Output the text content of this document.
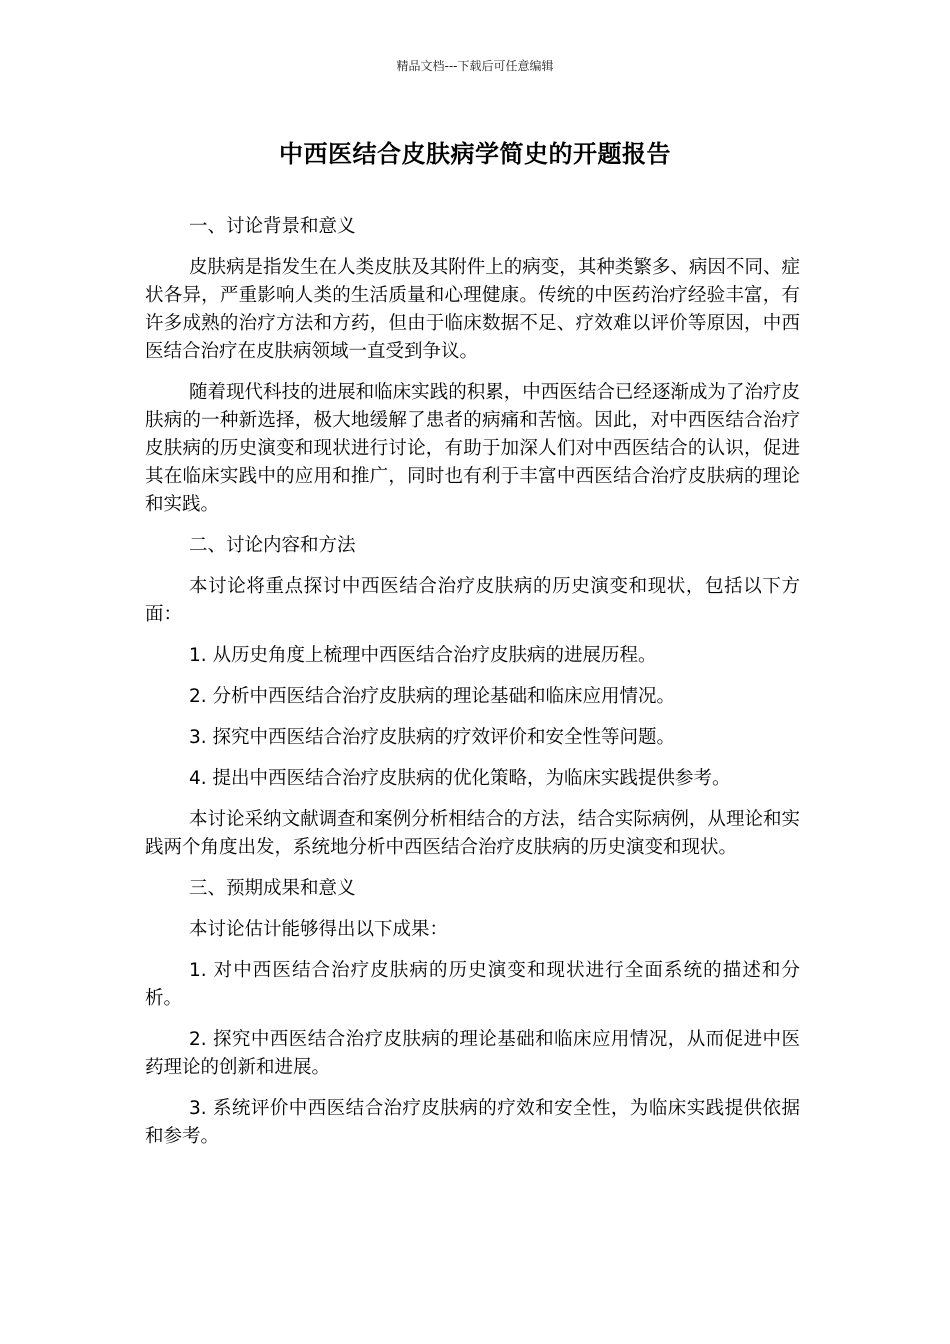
精品文档---下载后可任意编辑
中西医结合皮肤病学简史的开题报告

一、讨论背景和意义

皮肤病是指发生在人类皮肤及其附件上的病变，其种类繁多、病因不同、症状各异，严重影响人类的生活质量和心理健康。传统的中医药治疗经验丰富，有许多成熟的治疗方法和方药，但由于临床数据不足、疗效难以评价等原因，中西医结合治疗在皮肤病领域一直受到争议。

随着现代科技的进展和临床实践的积累，中西医结合已经逐渐成为了治疗皮肤病的一种新选择，极大地缓解了患者的病痛和苦恼。因此，对中西医结合治疗皮肤病的历史演变和现状进行讨论，有助于加深人们对中西医结合的认识，促进其在临床实践中的应用和推广，同时也有利于丰富中西医结合治疗皮肤病的理论和实践。

二、讨论内容和方法

本讨论将重点探讨中西医结合治疗皮肤病的历史演变和现状，包括以下方面：

1. 从历史角度上梳理中西医结合治疗皮肤病的进展历程。

2. 分析中西医结合治疗皮肤病的理论基础和临床应用情况。

3. 探究中西医结合治疗皮肤病的疗效评价和安全性等问题。

4. 提出中西医结合治疗皮肤病的优化策略，为临床实践提供参考。

本讨论采纳文献调查和案例分析相结合的方法，结合实际病例，从理论和实践两个角度出发，系统地分析中西医结合治疗皮肤病的历史演变和现状。

三、预期成果和意义

本讨论估计能够得出以下成果：

1. 对中西医结合治疗皮肤病的历史演变和现状进行全面系统的描述和分析。

2. 探究中西医结合治疗皮肤病的理论基础和临床应用情况，从而促进中医药理论的创新和进展。

3. 系统评价中西医结合治疗皮肤病的疗效和安全性，为临床实践提供依据和参考。
